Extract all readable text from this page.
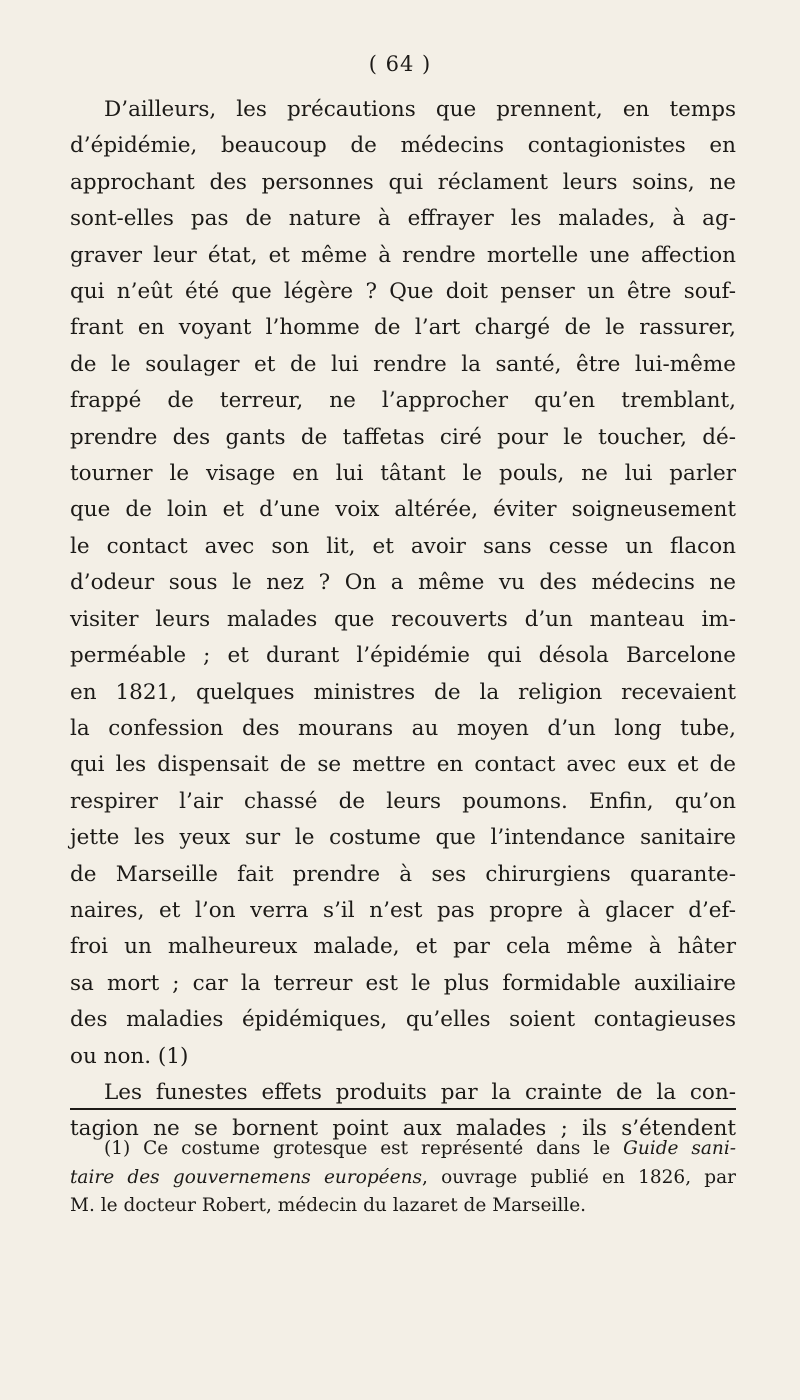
( 64 )
D’ailleurs, les précautions que prennent, en temps
d’épidémie, beaucoup de médecins contagionistes en
approchant des personnes qui réclament leurs soins, ne
sont-elles pas de nature à effrayer les malades, à ag-
graver leur état, et même à rendre mortelle une affection
qui n’eût été que légère ? Que doit penser un être souf-
frant en voyant l’homme de l’art chargé de le rassurer,
de le soulager et de lui rendre la santé, être lui-même
frappé de terreur, ne l’approcher qu’en tremblant,
prendre des gants de taffetas ciré pour le toucher, dé-
tourner le visage en lui tâtant le pouls, ne lui parler
que de loin et d’une voix altérée, éviter soigneusement
le contact avec son lit, et avoir sans cesse un flacon
d’odeur sous le nez ? On a même vu des médecins ne
visiter leurs malades que recouverts d’un manteau im-
perméable ; et durant l’épidémie qui désola Barcelone
en 1821, quelques ministres de la religion recevaient
la confession des mourans au moyen d’un long tube,
qui les dispensait de se mettre en contact avec eux et de
respirer l’air chassé de leurs poumons. Enfin, qu’on
jette les yeux sur le costume que l’intendance sanitaire
de Marseille fait prendre à ses chirurgiens quarante-
naires, et l’on verra s’il n’est pas propre à glacer d’ef-
froi un malheureux malade, et par cela même à hâter
sa mort ; car la terreur est le plus formidable auxiliaire
des maladies épidémiques, qu’elles soient contagieuses
ou non. (1)
Les funestes effets produits par la crainte de la con-
tagion ne se bornent point aux malades ; ils s’étendent
(1) Ce costume grotesque est représenté dans le Guide sani-
taire des gouvernemens européens, ouvrage publié en 1826, par
M. le docteur Robert, médecin du lazaret de Marseille.
